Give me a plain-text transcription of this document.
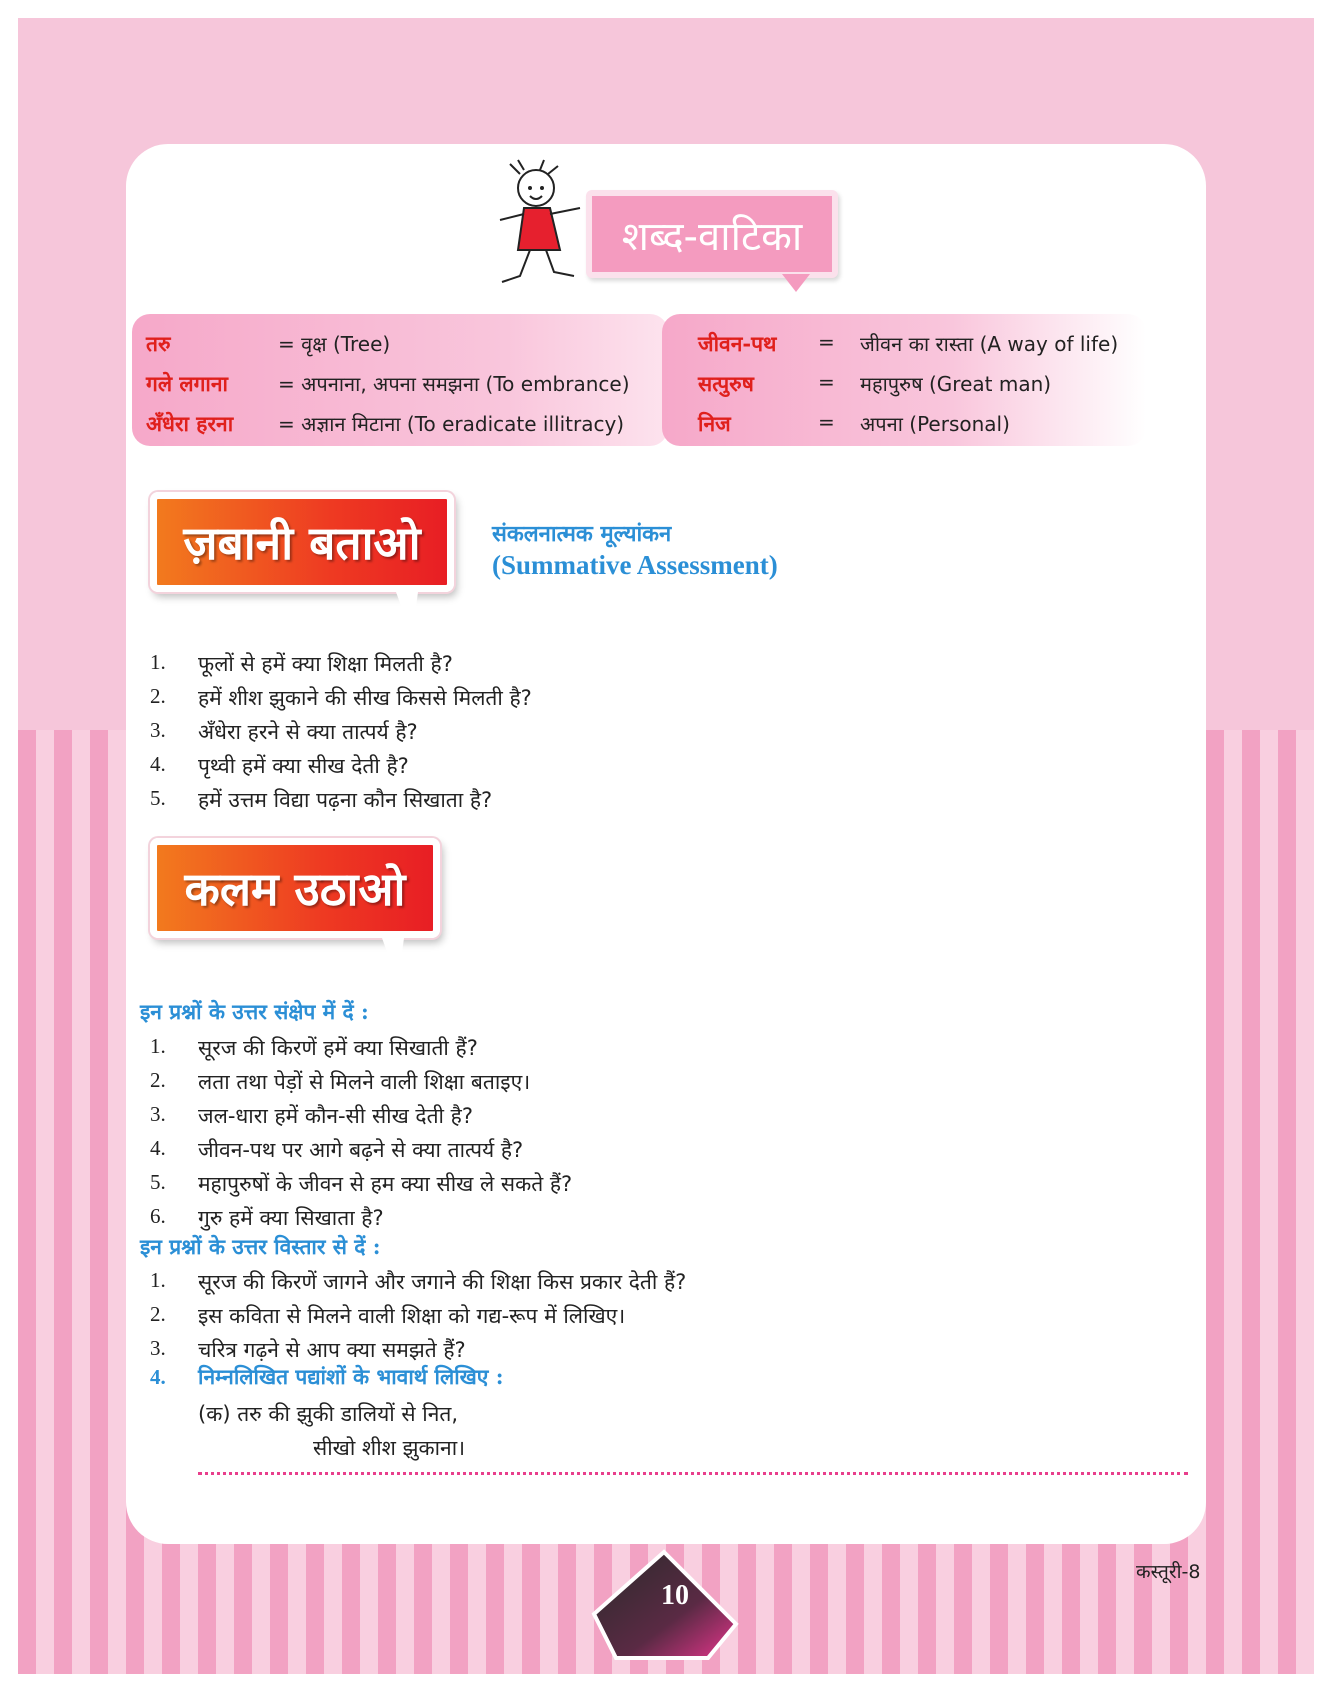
शब्द-वाटिका
तरु	= वृक्ष (Tree)
गले लगाना	= अपनाना, अपना समझना (To embrance)
अँधेरा हरना = अज्ञान मिटाना (To eradicate illitracy)
जीवन-पथ = जीवन का रास्ता (A way of life)
सत्पुरुष	= महापुरुष (Great man)
निज	= अपना (Personal)
ज़बानी बताओ	संकलनात्मक मूल्यांकन
(Summative Assessment)
1.	फूलों से हमें क्या शिक्षा मिलती है?
2.	हमें शीश झुकाने की सीख किससे मिलती है?
3.	अँधेरा हरने से क्या तात्पर्य है?
4.	पृथ्वी हमें क्या सीख देती है?
5.	हमें उत्तम विद्या पढ़ना कौन सिखाता है?
कलम उठाओ
इन प्रश्नों के उत्तर संक्षेप में दें :
1.	सूरज की किरणें हमें क्या सिखाती हैं?
2.	लता तथा पेड़ों से मिलने वाली शिक्षा बताइए।
3.	जल-धारा हमें कौन-सी सीख देती है?
4.	जीवन-पथ पर आगे बढ़ने से क्या तात्पर्य है?
5.	महापुरुषों के जीवन से हम क्या सीख ले सकते हैं?
6.	गुरु हमें क्या सिखाता है?
इन प्रश्नों के उत्तर विस्तार से दें :
1.	सूरज की किरणें जागने और जगाने की शिक्षा किस प्रकार देती हैं?
2.	इस कविता से मिलने वाली शिक्षा को गद्य-रूप में लिखिए।
3.	चरित्र गढ़ने से आप क्या समझते हैं?
4. निम्नलिखित पद्यांशों के भावार्थ लिखिए :
(क) तरु की झुकी डालियों से नित,
सीखो शीश झुकाना।
10
कस्तूरी-8
